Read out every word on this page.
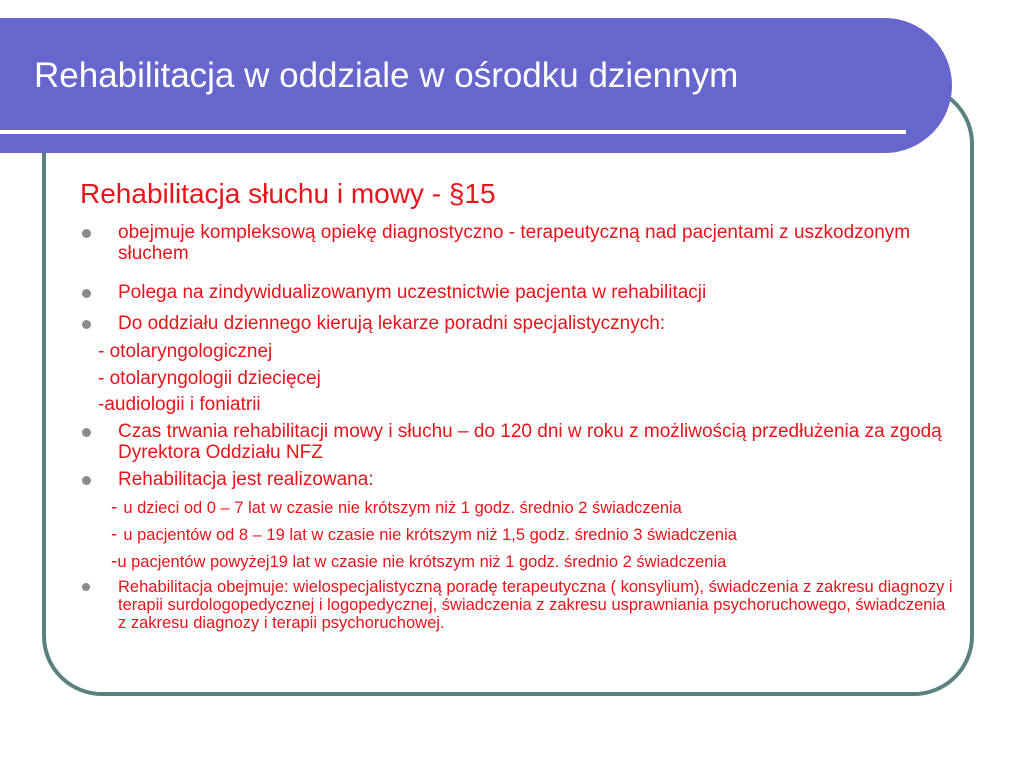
Rehabilitacja w oddziale w ośrodku dziennym
Rehabilitacja słuchu i mowy - §15
obejmuje kompleksową opiekę diagnostyczno - terapeutyczną nad pacjentami z uszkodzonym słuchem
Polega na zindywidualizowanym uczestnictwie pacjenta w rehabilitacji
Do oddziału dziennego kierują lekarze poradni specjalistycznych:
- otolaryngologicznej
- otolaryngologii dziecięcej
-audiologii i foniatrii
Czas trwania rehabilitacji mowy i słuchu – do 120 dni w roku z możliwością przedłużenia za zgodą Dyrektora Oddziału NFZ
Rehabilitacja jest realizowana:
- u dzieci od 0 – 7 lat w czasie nie krótszym niż 1 godz. średnio 2 świadczenia
- u pacjentów od 8 – 19 lat w czasie nie krótszym niż 1,5 godz. średnio 3 świadczenia
-u pacjentów powyżej19 lat w czasie nie krótszym niż 1 godz. średnio 2 świadczenia
Rehabilitacja obejmuje: wielospecjalistyczną poradę terapeutyczna ( konsylium), świadczenia z zakresu diagnozy i terapii surdologopedycznej i logopedycznej, świadczenia z zakresu usprawniania psychoruchowego, świadczenia z zakresu diagnozy i terapii psychoruchowej.
